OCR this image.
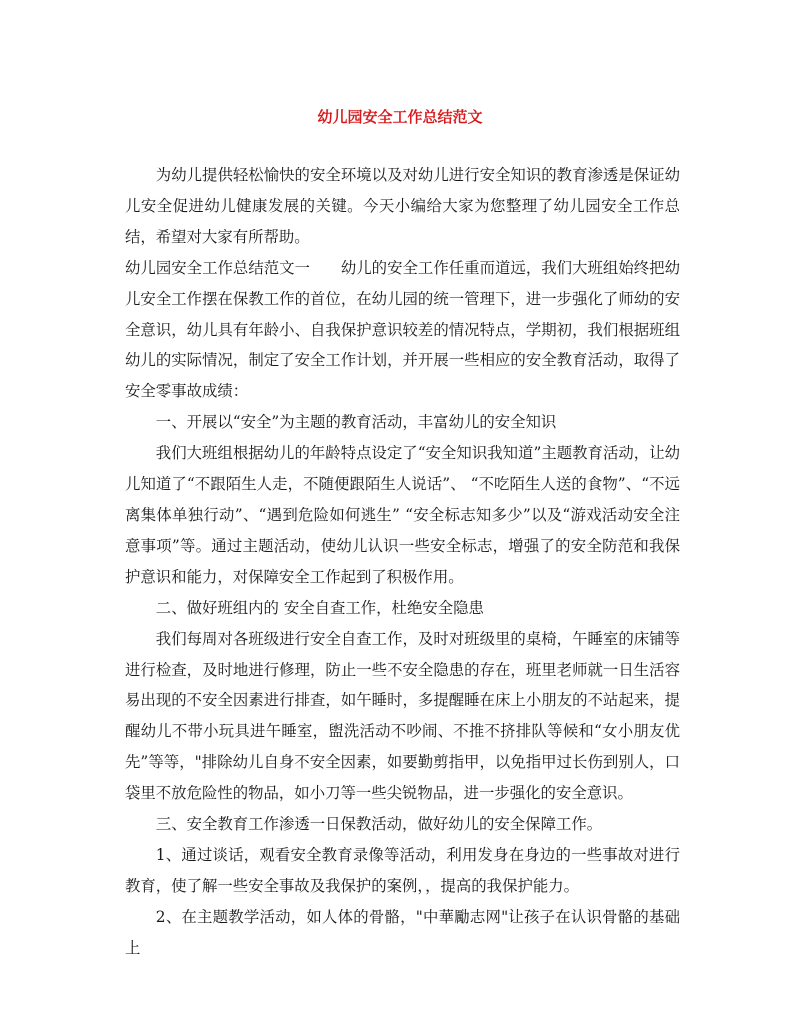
幼儿园安全工作总结范文

为幼儿提供轻松愉快的安全环境以及对幼儿进行安全知识的教育渗透是保证幼儿安全促进幼儿健康发展的关键。今天小编给大家为您整理了幼儿园安全工作总结，希望对大家有所帮助。

幼儿园安全工作总结范文一　　幼儿的安全工作任重而道远，我们大班组始终把幼儿安全工作摆在保教工作的首位，在幼儿园的统一管理下，进一步强化了师幼的安全意识，幼儿具有年龄小、自我保护意识较差的情况特点，学期初，我们根据班组幼儿的实际情况，制定了安全工作计划，并开展一些相应的安全教育活动，取得了安全零事故成绩：

一、开展以“安全”为主题的教育活动，丰富幼儿的安全知识

我们大班组根据幼儿的年龄特点设定了“安全知识我知道”主题教育活动，让幼儿知道了“不跟陌生人走，不随便跟陌生人说话”、 “不吃陌生人送的食物”、“不远离集体单独行动”、“遇到危险如何逃生” “安全标志知多少”以及“游戏活动安全注意事项”等。通过主题活动，使幼儿认识一些安全标志，增强了的安全防范和我保护意识和能力，对保障安全工作起到了积极作用。

二、做好班组内的 安全自查工作，杜绝安全隐患

我们每周对各班级进行安全自查工作，及时对班级里的桌椅，午睡室的床铺等进行检查，及时地进行修理，防止一些不安全隐患的存在，班里老师就一日生活容易出现的不安全因素进行排查，如午睡时，多提醒睡在床上小朋友的不站起来，提醒幼儿不带小玩具进午睡室，盥洗活动不吵闹、不推不挤排队等候和“女小朋友优先”等等，"排除幼儿自身不安全因素，如要勤剪指甲，以免指甲过长伤到别人，口袋里不放危险性的物品，如小刀等一些尖锐物品，进一步强化的安全意识。

三、安全教育工作渗透一日保教活动，做好幼儿的安全保障工作。

1、通过谈话，观看安全教育录像等活动，利用发身在身边的一些事故对进行教育，使了解一些安全事故及我保护的案例，，提高的我保护能力。

2、在主题教学活动，如人体的骨骼，"中華勵志网"让孩子在认识骨骼的基础上
